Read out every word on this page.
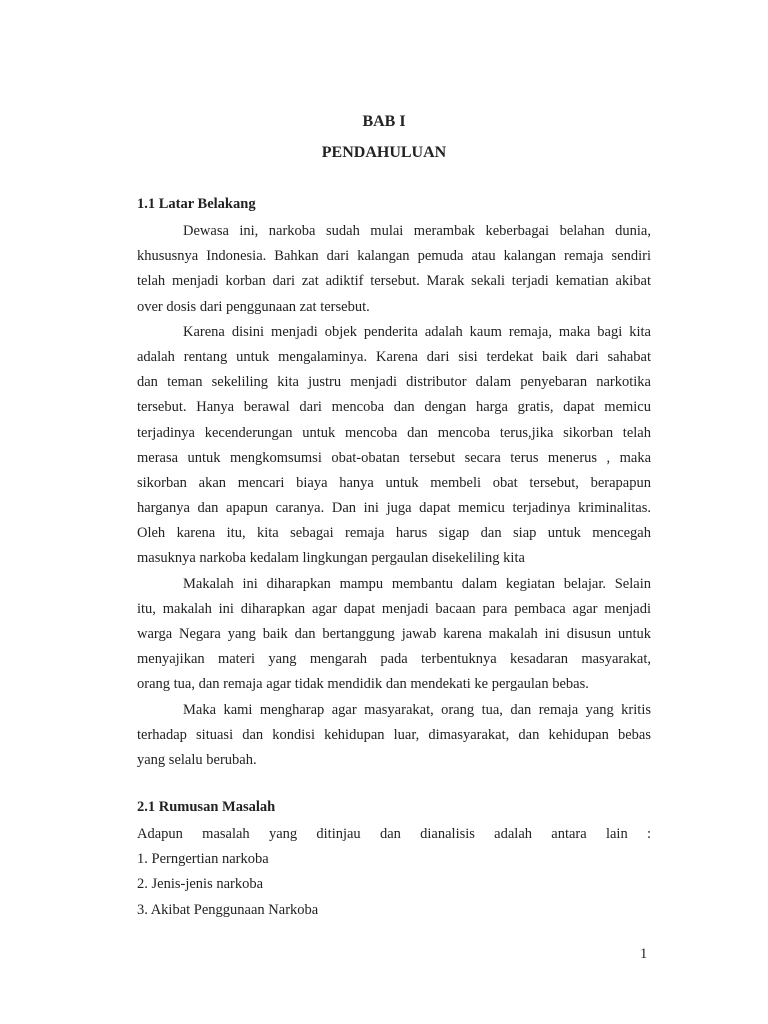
BAB I
PENDAHULUAN
1.1 Latar Belakang
Dewasa ini, narkoba sudah mulai merambak keberbagai belahan dunia,
khususnya Indonesia. Bahkan dari kalangan pemuda atau kalangan remaja sendiri
telah menjadi korban dari zat adiktif tersebut. Marak sekali terjadi kematian akibat
over dosis dari penggunaan zat tersebut.
Karena disini menjadi objek penderita adalah kaum remaja, maka bagi kita
adalah rentang untuk mengalaminya. Karena dari sisi terdekat baik dari sahabat
dan teman sekeliling kita justru menjadi distributor dalam penyebaran narkotika
tersebut. Hanya berawal dari mencoba dan dengan harga gratis, dapat memicu
terjadinya kecenderungan untuk mencoba dan mencoba terus,jika sikorban telah
merasa untuk mengkomsumsi obat-obatan tersebut secara terus menerus , maka
sikorban akan mencari biaya hanya untuk membeli obat tersebut, berapapun
harganya dan apapun caranya. Dan ini juga dapat memicu terjadinya kriminalitas.
Oleh karena itu, kita sebagai remaja harus sigap dan siap untuk mencegah
masuknya narkoba kedalam lingkungan pergaulan disekeliling kita
Makalah ini diharapkan mampu membantu dalam kegiatan belajar. Selain
itu, makalah ini diharapkan agar dapat menjadi bacaan para pembaca agar menjadi
warga Negara yang baik dan bertanggung jawab karena makalah ini disusun untuk
menyajikan materi yang mengarah pada terbentuknya kesadaran masyarakat,
orang tua, dan remaja agar tidak mendidik dan mendekati ke pergaulan bebas.
Maka kami mengharap agar masyarakat, orang tua, dan remaja yang kritis
terhadap situasi dan kondisi kehidupan luar, dimasyarakat, dan kehidupan bebas
yang selalu berubah.
2.1 Rumusan Masalah
Adapun masalah yang ditinjau dan dianalisis adalah antara lain :
1. Perngertian narkoba
2. Jenis-jenis narkoba
3. Akibat Penggunaan Narkoba
1
